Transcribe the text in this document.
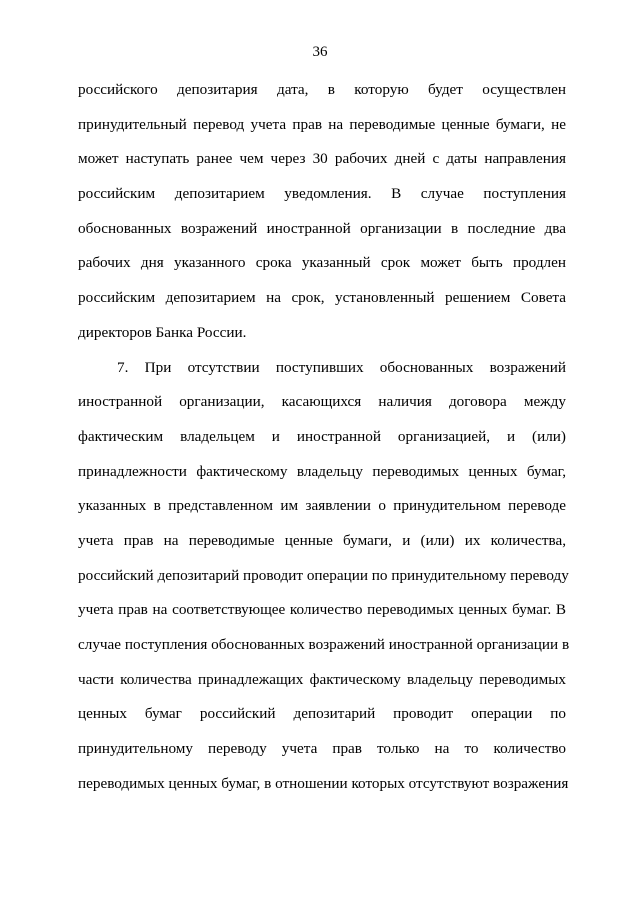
36
российского депозитария дата, в которую будет осуществлен
принудительный перевод учета прав на переводимые ценные бумаги, не
может наступать ранее чем через 30 рабочих дней с даты направления
российским депозитарием уведомления. В случае поступления
обоснованных возражений иностранной организации в последние два
рабочих дня указанного срока указанный срок может быть продлен
российским депозитарием на срок, установленный решением Совета
директоров Банка России.
7. При отсутствии поступивших обоснованных возражений
иностранной организации, касающихся наличия договора между
фактическим владельцем и иностранной организацией, и (или)
принадлежности фактическому владельцу переводимых ценных бумаг,
указанных в представленном им заявлении о принудительном переводе
учета прав на переводимые ценные бумаги, и (или) их количества,
российский депозитарий проводит операции по принудительному переводу
учета прав на соответствующее количество переводимых ценных бумаг. В
случае поступления обоснованных возражений иностранной организации в
части количества принадлежащих фактическому владельцу переводимых
ценных бумаг российский депозитарий проводит операции по
принудительному переводу учета прав только на то количество
переводимых ценных бумаг, в отношении которых отсутствуют возражения
